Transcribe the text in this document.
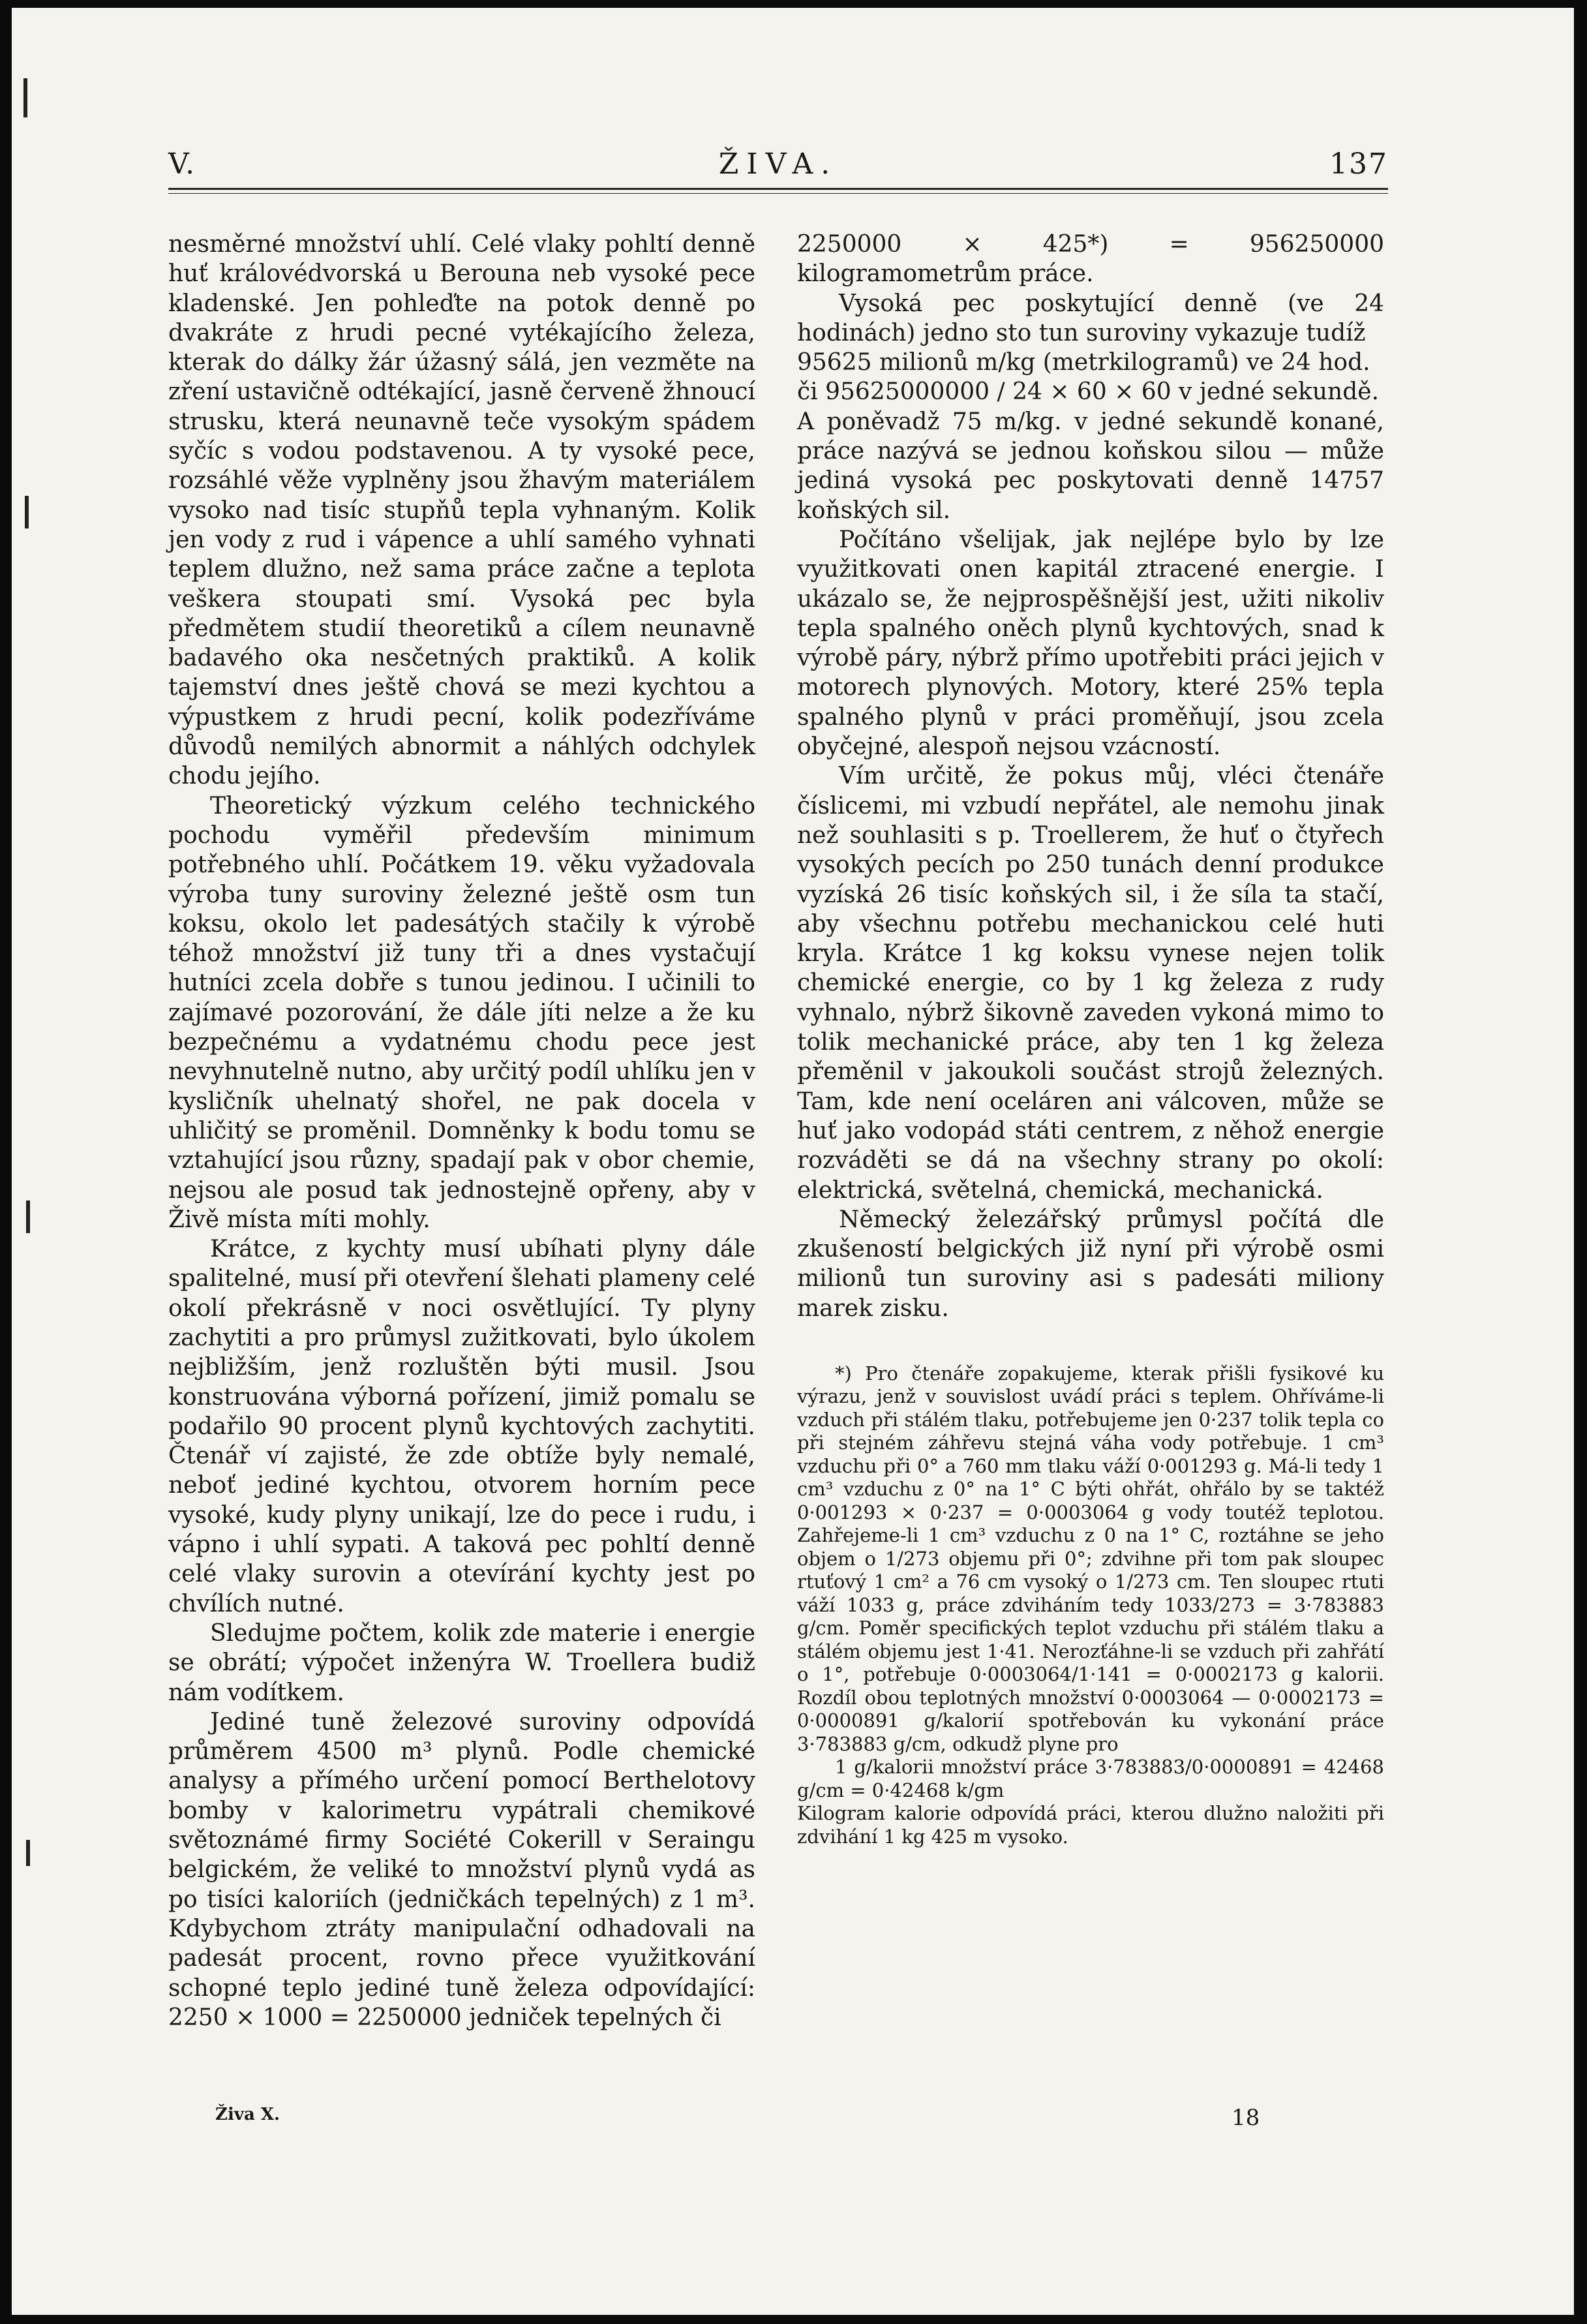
V.	ŽIVA.	137

nesměrné množství uhlí. Celé vlaky pohltí denně huť královédvorská u Berouna neb vysoké pece kladenské. Jen pohleďte na potok denně po dvakráte z hrudi pecné vytékajícího železa, kterak do dálky žár úžasný sálá, jen vezměte na zření ustavičně odtékající, jasně červeně žhnoucí strusku, která neunavně teče vysokým spádem syčíc s vodou podstavenou. A ty vysoké pece, rozsáhlé věže vyplněny jsou žhavým materiálem vysoko nad tisíc stupňů tepla vyhnaným. Kolik jen vody z rud i vápence a uhlí samého vyhnati teplem dlužno, než sama práce začne a teplota veškera stoupati smí. Vysoká pec byla předmětem studií theoretiků a cílem neunavně badavého oka nesčetných praktiků. A kolik tajemství dnes ještě chová se mezi kychtou a výpustkem z hrudi pecní, kolik podezříváme důvodů nemilých abnormit a náhlých odchylek chodu jejího.

Theoretický výzkum celého technického pochodu vyměřil především minimum potřebného uhlí. Počátkem 19. věku vyžadovala výroba tuny suroviny železné ještě osm tun koksu, okolo let padesátých stačily k výrobě téhož množství již tuny tři a dnes vystačují hutníci zcela dobře s tunou jedinou. I učinili to zajímavé pozorování, že dále jíti nelze a že ku bezpečnému a vydatnému chodu pece jest nevyhnutelně nutno, aby určitý podíl uhlíku jen v kysličník uhelnatý shořel, ne pak docela v uhličitý se proměnil. Domněnky k bodu tomu se vztahující jsou různy, spadají pak v obor chemie, nejsou ale posud tak jednostejně opřeny, aby v Živě místa míti mohly.

Krátce, z kychty musí ubíhati plyny dále spalitelné, musí při otevření šlehati plameny celé okolí překrásně v noci osvětlující. Ty plyny zachytiti a pro průmysl zužitkovati, bylo úkolem nejbližším, jenž rozluštěn býti musil. Jsou konstruována výborná pořízení, jimiž pomalu se podařilo 90 procent plynů kychtových zachytiti. Čtenář ví zajisté, že zde obtíže byly nemalé, neboť jediné kychtou, otvorem horním pece vysoké, kudy plyny unikají, lze do pece i rudu, i vápno i uhlí sypati. A taková pec pohltí denně celé vlaky surovin a otevírání kychty jest po chvílích nutné.

Sledujme počtem, kolik zde materie i energie se obrátí; výpočet inženýra W. Troellera budiž nám vodítkem.

Jediné tuně železové suroviny odpovídá průměrem 4500 m³ plynů. Podle chemické analysy a přímého určení pomocí Berthelotovy bomby v kalorimetru vypátrali chemikové světoznámé firmy Société Cokerill v Seraingu belgickém, že veliké to množství plynů vydá as po tisíci kaloriích (jedničkách tepelných) z 1 m³. Kdybychom ztráty manipulační odhadovali na padesát procent, rovno přece využitkování schopné teplo jediné tuně železa odpovídající: 2250 × 1000 = 2250000 jedniček tepelných či

2250000 × 425*) = 956250000 kilogramometrům práce.

Vysoká pec poskytující denně (ve 24 hodinách) jedno sto tun suroviny vykazuje tudíž

95625 milionů m/kg (metrkilogramů) ve 24 hod.

či 95625000000 / 24 × 60 × 60 v jedné sekundě.

A poněvadž 75 m/kg. v jedné sekundě konané, práce nazývá se jednou koňskou silou — může jediná vysoká pec poskytovati denně 14757 koňských sil.

Počítáno všelijak, jak nejlépe bylo by lze využitkovati onen kapitál ztracené energie. I ukázalo se, že nejprospěšnější jest, užiti nikoliv tepla spalného oněch plynů kychtových, snad k výrobě páry, nýbrž přímo upotřebiti práci jejich v motorech plynových. Motory, které 25% tepla spalného plynů v práci proměňují, jsou zcela obyčejné, alespoň nejsou vzácností.

Vím určitě, že pokus můj, vléci čtenáře číslicemi, mi vzbudí nepřátel, ale nemohu jinak než souhlasiti s p. Troellerem, že huť o čtyřech vysokých pecích po 250 tunách denní produkce vyzíská 26 tisíc koňských sil, i že síla ta stačí, aby všechnu potřebu mechanickou celé huti kryla. Krátce 1 kg koksu vynese nejen tolik chemické energie, co by 1 kg železa z rudy vyhnalo, nýbrž šikovně zaveden vykoná mimo to tolik mechanické práce, aby ten 1 kg železa přeměnil v jakoukoli součást strojů železných. Tam, kde není oceláren ani válcoven, může se huť jako vodopád státi centrem, z něhož energie rozváděti se dá na všechny strany po okolí: elektrická, světelná, chemická, mechanická.

Německý železářský průmysl počítá dle zkušeností belgických již nyní při výrobě osmi milionů tun suroviny asi s padesáti miliony marek zisku.

*) Pro čtenáře zopakujeme, kterak přišli fysikové ku výrazu, jenž v souvislost uvádí práci s teplem. Ohříváme-li vzduch při stálém tlaku, potřebujeme jen 0·237 tolik tepla co při stejném záhřevu stejná váha vody potřebuje. 1 cm³ vzduchu při 0° a 760 mm tlaku váží 0·001293 g. Má-li tedy 1 cm³ vzduchu z 0° na 1° C býti ohřát, ohřálo by se taktéž 0·001293 × 0·237 = 0·0003064 g vody toutéž teplotou. Zahřejeme-li 1 cm³ vzduchu z 0 na 1° C, roztáhne se jeho objem o 1/273 objemu při 0°; zdvihne při tom pak sloupec rtuťový 1 cm² a 76 cm vysoký o 1/273 cm. Ten sloupec rtuti váží 1033 g, práce zdviháním tedy 1033/273 = 3·783883 g/cm. Poměr specifických teplot vzduchu při stálém tlaku a stálém objemu jest 1·41. Nerozťáhne-li se vzduch při zahřátí o 1°, potřebuje 0·0003064/1·141 = 0·0002173 g kalorii. Rozdíl obou teplotných množství 0·0003064 — 0·0002173 = 0·0000891 g/kalorií spotřebován ku vykonání práce 3·783883 g/cm, odkudž plyne pro

1 g/kalorii množství práce 3·783883/0·0000891 = 42468 g/cm = 0·42468 k/gm

Kilogram kalorie odpovídá práci, kterou dlužno naložiti při zdvihání 1 kg 425 m vysoko.

Živa X.	18
